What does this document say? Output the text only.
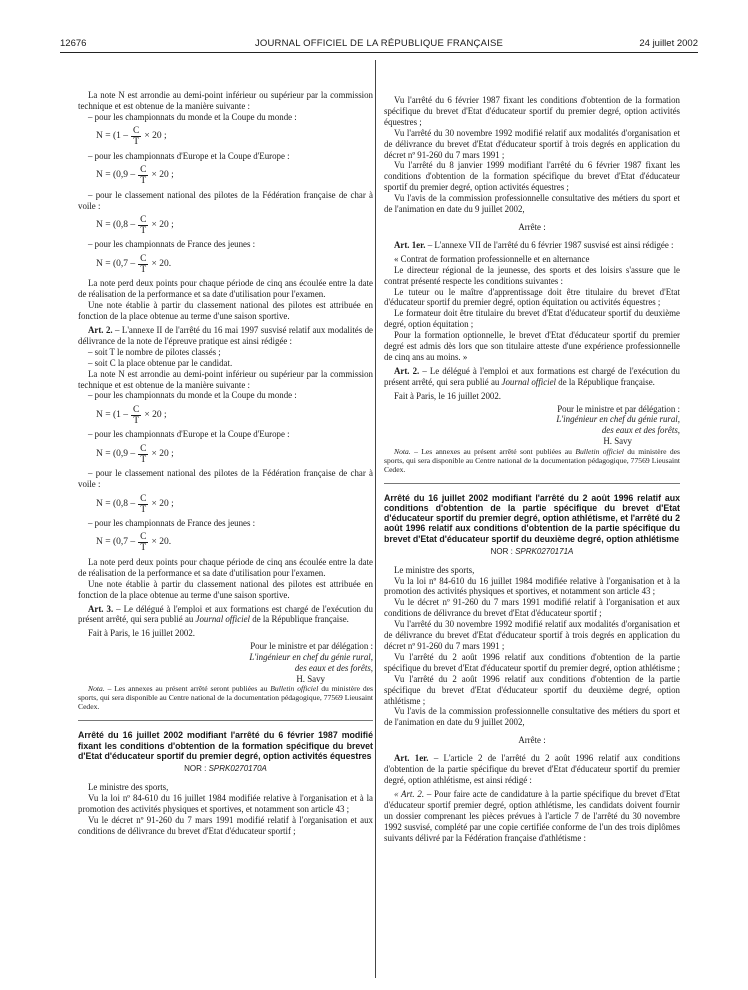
12676	JOURNAL OFFICIEL DE LA RÉPUBLIQUE FRANÇAISE	24 juillet 2002

La note N est arrondie au demi-point inférieur ou supérieur par la commission technique et est obtenue de la manière suivante :

– pour les championnats du monde et la Coupe du monde :

$N = (1 - \frac{C}{T} \times 20$ ;

– pour les championnats d'Europe et la Coupe d'Europe :

$N = (0,9 - \frac{C}{T} \times 20$ ;

– pour le classement national des pilotes de la Fédération française de char à voile :

$N = (0,8 - \frac{C}{T} \times 20$ ;

– pour les championnats de France des jeunes :

$N = (0,7 - \frac{C}{T} \times 20$.

La note perd deux points pour chaque période de cinq ans écoulée entre la date de réalisation de la performance et sa date d'utilisation pour l'examen.

Une note établie à partir du classement national des pilotes est attribuée en fonction de la place obtenue au terme d'une saison sportive.

Art. 2. – L'annexe II de l'arrêté du 16 mai 1997 susvisé relatif aux modalités de délivrance de la note de l'épreuve pratique est ainsi rédigée :

– soit T le nombre de pilotes classés ;

– soit C la place obtenue par le candidat.

La note N est arrondie au demi-point inférieur ou supérieur par la commission technique et est obtenue de la manière suivante :

– pour les championnats du monde et la Coupe du monde :

$N = (1 - \frac{C}{T} \times 20$ ;

– pour les championnats d'Europe et la Coupe d'Europe :

$N = (0,9 - \frac{C}{T} \times 20$ ;

– pour le classement national des pilotes de la Fédération française de char à voile :

$N = (0,8 - \frac{C}{T} \times 20$ ;

– pour les championnats de France des jeunes :

$N = (0,7 - \frac{C}{T} \times 20$.

La note perd deux points pour chaque période de cinq ans écoulée entre la date de réalisation de la performance et sa date d'utilisation pour l'examen.

Une note établie à partir du classement national des pilotes est attribuée en fonction de la place obtenue au terme d'une saison sportive.

Art. 3. – Le délégué à l'emploi et aux formations est chargé de l'exécution du présent arrêté, qui sera publié au Journal officiel de la République française.

Fait à Paris, le 16 juillet 2002.

Pour le ministre et par délégation :
L'ingénieur en chef du génie rural,
des eaux et des forêts,
H. Savy

Nota. – Les annexes au présent arrêté seront publiées au Bulletin officiel du ministère des sports, qui sera disponible au Centre national de la documentation pédagogique, 77569 Lieusaint Cedex.

Arrêté du 16 juillet 2002 modifiant l'arrêté du 6 février 1987 modifié fixant les conditions d'obtention de la formation spécifique du brevet d'Etat d'éducateur sportif du premier degré, option activités équestres
NOR : SPRK0270170A

Le ministre des sports,

Vu la loi nº 84-610 du 16 juillet 1984 modifiée relative à l'organisation et à la promotion des activités physiques et sportives, et notamment son article 43 ;

Vu le décret nº 91-260 du 7 mars 1991 modifié relatif à l'organisation et aux conditions de délivrance du brevet d'Etat d'éducateur sportif ;

Vu l'arrêté du 6 février 1987 fixant les conditions d'obtention de la formation spécifique du brevet d'Etat d'éducateur sportif du premier degré, option activités équestres ;

Vu l'arrêté du 30 novembre 1992 modifié relatif aux modalités d'organisation et de délivrance du brevet d'Etat d'éducateur sportif à trois degrés en application du décret nº 91-260 du 7 mars 1991 ;

Vu l'arrêté du 8 janvier 1999 modifiant l'arrêté du 6 février 1987 fixant les conditions d'obtention de la formation spécifique du brevet d'Etat d'éducateur sportif du premier degré, option activités équestres ;

Vu l'avis de la commission professionnelle consultative des métiers du sport et de l'animation en date du 9 juillet 2002,

Arrête :

Art. 1er. – L'annexe VII de l'arrêté du 6 février 1987 susvisé est ainsi rédigée :

« Contrat de formation professionnelle et en alternance

Le directeur régional de la jeunesse, des sports et des loisirs s'assure que le contrat présenté respecte les conditions suivantes :

Le tuteur ou le maître d'apprentissage doit être titulaire du brevet d'Etat d'éducateur sportif du premier degré, option équitation ou activités équestres ;

Le formateur doit être titulaire du brevet d'Etat d'éducateur sportif du deuxième degré, option équitation ;

Pour la formation optionnelle, le brevet d'Etat d'éducateur sportif du premier degré est admis dès lors que son titulaire atteste d'une expérience professionnelle de cinq ans au moins. »

Art. 2. – Le délégué à l'emploi et aux formations est chargé de l'exécution du présent arrêté, qui sera publié au Journal officiel de la République française.

Fait à Paris, le 16 juillet 2002.

Pour le ministre et par délégation :
L'ingénieur en chef du génie rural,
des eaux et des forêts,
H. Savy

Nota. – Les annexes au présent arrêté sont publiées au Bulletin officiel du ministère des sports, qui sera disponible au Centre national de la documentation pédagogique, 77569 Lieusaint Cedex.

Arrêté du 16 juillet 2002 modifiant l'arrêté du 2 août 1996 relatif aux conditions d'obtention de la partie spécifique du brevet d'Etat d'éducateur sportif du premier degré, option athlétisme, et l'arrêté du 2 août 1996 relatif aux conditions d'obtention de la partie spécifique du brevet d'Etat d'éducateur sportif du deuxième degré, option athlétisme
NOR : SPRK0270171A

Le ministre des sports,

Vu la loi nº 84-610 du 16 juillet 1984 modifiée relative à l'organisation et à la promotion des activités physiques et sportives, et notamment son article 43 ;

Vu le décret nº 91-260 du 7 mars 1991 modifié relatif à l'organisation et aux conditions de délivrance du brevet d'Etat d'éducateur sportif ;

Vu l'arrêté du 30 novembre 1992 modifié relatif aux modalités d'organisation et de délivrance du brevet d'Etat d'éducateur sportif à trois degrés en application du décret nº 91-260 du 7 mars 1991 ;

Vu l'arrêté du 2 août 1996 relatif aux conditions d'obtention de la partie spécifique du brevet d'Etat d'éducateur sportif du premier degré, option athlétisme ;

Vu l'arrêté du 2 août 1996 relatif aux conditions d'obtention de la partie spécifique du brevet d'Etat d'éducateur sportif du deuxième degré, option athlétisme ;

Vu l'avis de la commission professionnelle consultative des métiers du sport et de l'animation en date du 9 juillet 2002,

Arrête :

Art. 1er. – L'article 2 de l'arrêté du 2 août 1996 relatif aux conditions d'obtention de la partie spécifique du brevet d'Etat d'éducateur sportif du premier degré, option athlétisme, est ainsi rédigé :

« Art. 2. – Pour faire acte de candidature à la partie spécifique du brevet d'Etat d'éducateur sportif premier degré, option athlétisme, les candidats doivent fournir un dossier comprenant les pièces prévues à l'article 7 de l'arrêté du 30 novembre 1992 susvisé, complété par une copie certifiée conforme de l'un des trois diplômes suivants délivré par la Fédération française d'athlétisme :
